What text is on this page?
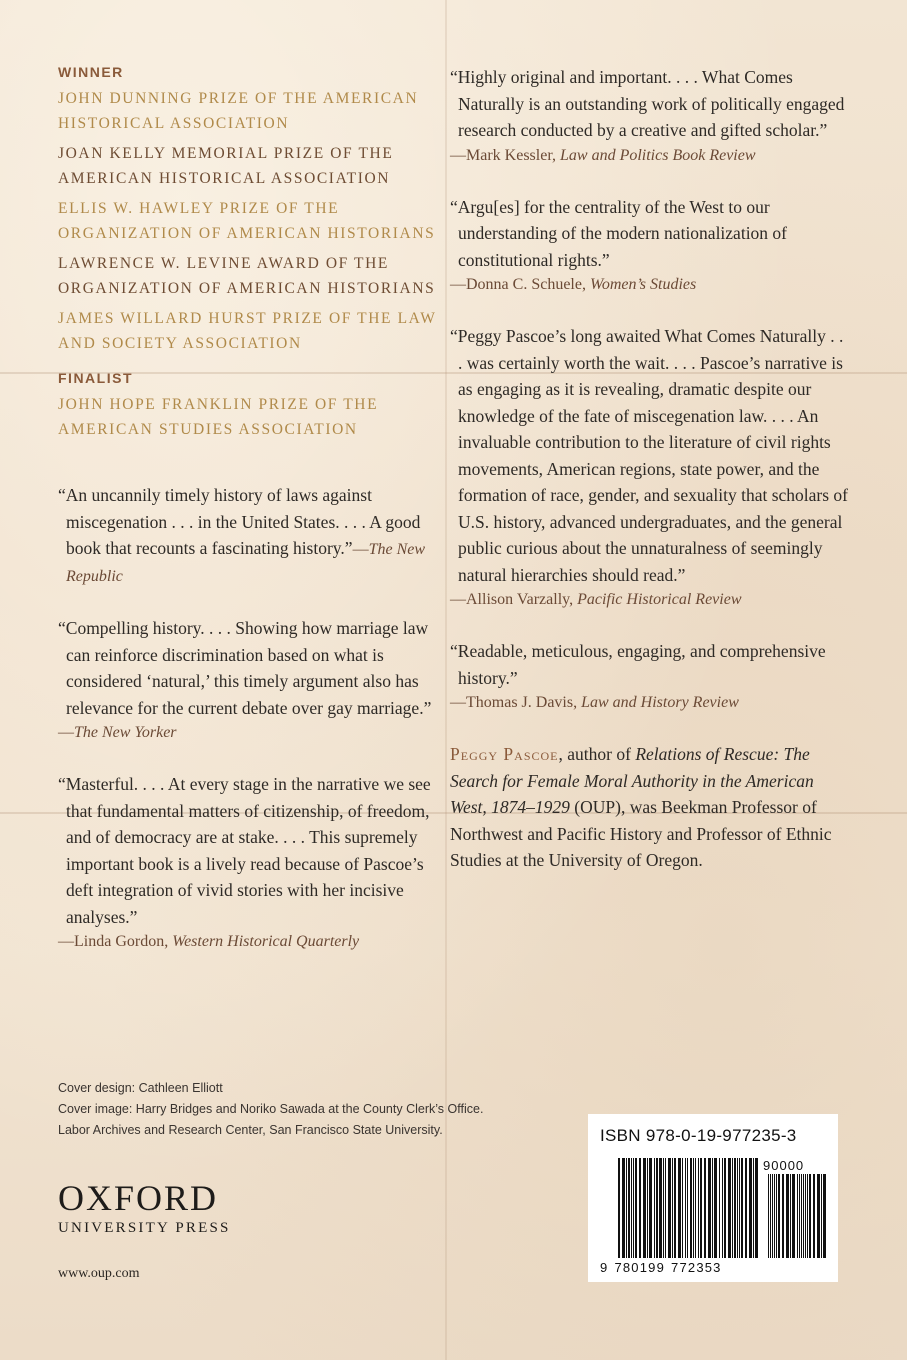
WINNER
JOHN DUNNING PRIZE OF THE AMERICAN HISTORICAL ASSOCIATION
JOAN KELLY MEMORIAL PRIZE OF THE AMERICAN HISTORICAL ASSOCIATION
ELLIS W. HAWLEY PRIZE OF THE ORGANIZATION OF AMERICAN HISTORIANS
LAWRENCE W. LEVINE AWARD OF THE ORGANIZATION OF AMERICAN HISTORIANS
JAMES WILLARD HURST PRIZE OF THE LAW AND SOCIETY ASSOCIATION
FINALIST
JOHN HOPE FRANKLIN PRIZE OF THE AMERICAN STUDIES ASSOCIATION

“An uncannily timely history of laws against miscegenation . . . in the United States. . . . A good book that recounts a fascinating history.”—The New Republic

“Compelling history. . . . Showing how marriage law can reinforce discrimination based on what is considered ‘natural,’ this timely argument also has relevance for the current debate over gay marriage.”

—The New Yorker

“Masterful. . . . At every stage in the narrative we see that fundamental matters of citizenship, of freedom, and of democracy are at stake. . . . This supremely important book is a lively read because of Pascoe’s deft integration of vivid stories with her incisive analyses.”

—Linda Gordon, Western Historical Quarterly

“Highly original and important. . . . What Comes Naturally is an outstanding work of politically engaged research conducted by a creative and gifted scholar.”

—Mark Kessler, Law and Politics Book Review

“Argu[es] for the centrality of the West to our understanding of the modern nationalization of constitutional rights.”

—Donna C. Schuele, Women’s Studies

“Peggy Pascoe’s long awaited What Comes Naturally . . . was certainly worth the wait. . . . Pascoe’s narrative is as engaging as it is revealing, dramatic despite our knowledge of the fate of miscegenation law. . . . An invaluable contribution to the literature of civil rights movements, American regions, state power, and the formation of race, gender, and sexuality that scholars of U.S. history, advanced undergraduates, and the general public curious about the unnaturalness of seemingly natural hierarchies should read.”

—Allison Varzally, Pacific Historical Review

“Readable, meticulous, engaging, and comprehensive history.”

—Thomas J. Davis, Law and History Review

Peggy Pascoe, author of Relations of Rescue: The Search for Female Moral Authority in the American West, 1874–1929 (OUP), was Beekman Professor of Northwest and Pacific History and Professor of Ethnic Studies at the University of Oregon.

Cover design: Cathleen Elliott
Cover image: Harry Bridges and Noriko Sawada at the County Clerk’s Office.
Labor Archives and Research Center, San Francisco State University.
OXFORD
UNIVERSITY PRESS
www.oup.com
ISBN 978-0-19-977235-3
90000
9 780199 772353
